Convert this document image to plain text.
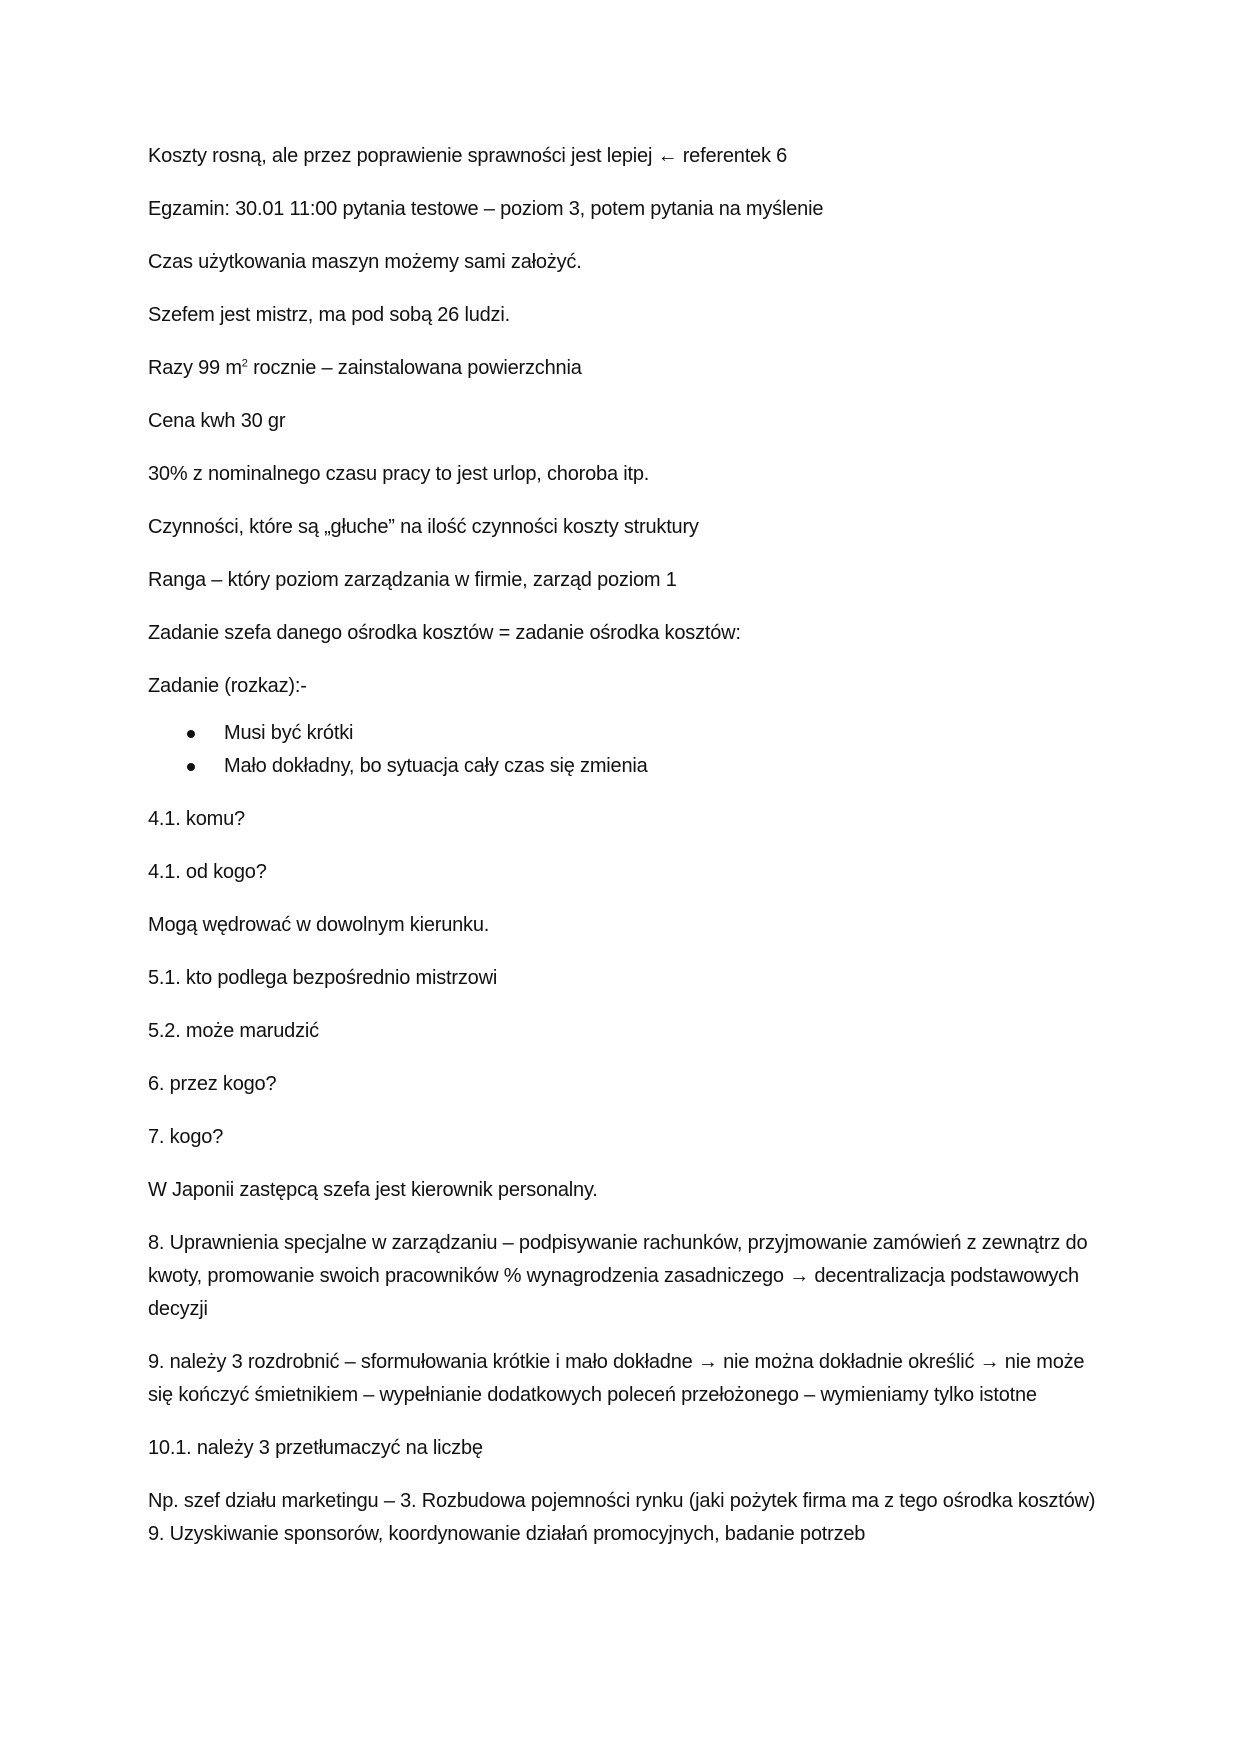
Koszty rosną, ale przez poprawienie sprawności jest lepiej ← referentek 6

Egzamin: 30.01 11:00 pytania testowe – poziom 3, potem pytania na myślenie

Czas użytkowania maszyn możemy sami założyć.

Szefem jest mistrz, ma pod sobą 26 ludzi.

Razy 99 $m^2$ rocznie – zainstalowana powierzchnia

Cena kwh 30 gr

30% z nominalnego czasu pracy to jest urlop, choroba itp.

Czynności, które są „głuche” na ilość czynności koszty struktury

Ranga – który poziom zarządzania w firmie, zarząd poziom 1

Zadanie szefa danego ośrodka kosztów = zadanie ośrodka kosztów:

Zadanie (rozkaz):-

Musi być krótki
Mało dokładny, bo sytuacja cały czas się zmienia

4.1. komu?

4.1. od kogo?

Mogą wędrować w dowolnym kierunku.

5.1. kto podlega bezpośrednio mistrzowi

5.2. może marudzić

6. przez kogo?

7. kogo?

W Japonii zastępcą szefa jest kierownik personalny.

8. Uprawnienia specjalne w zarządzaniu – podpisywanie rachunków, przyjmowanie zamówień z zewnątrz do kwoty, promowanie swoich pracowników % wynagrodzenia zasadniczego → decentralizacja podstawowych decyzji

9. należy 3 rozdrobnić – sformułowania krótkie i mało dokładne → nie można dokładnie określić → nie może się kończyć śmietnikiem – wypełnianie dodatkowych poleceń przełożonego – wymieniamy tylko istotne

10.1. należy 3 przetłumaczyć na liczbę

Np. szef działu marketingu – 3. Rozbudowa pojemności rynku (jaki pożytek firma ma z tego ośrodka kosztów) 9. Uzyskiwanie sponsorów, koordynowanie działań promocyjnych, badanie potrzeb
